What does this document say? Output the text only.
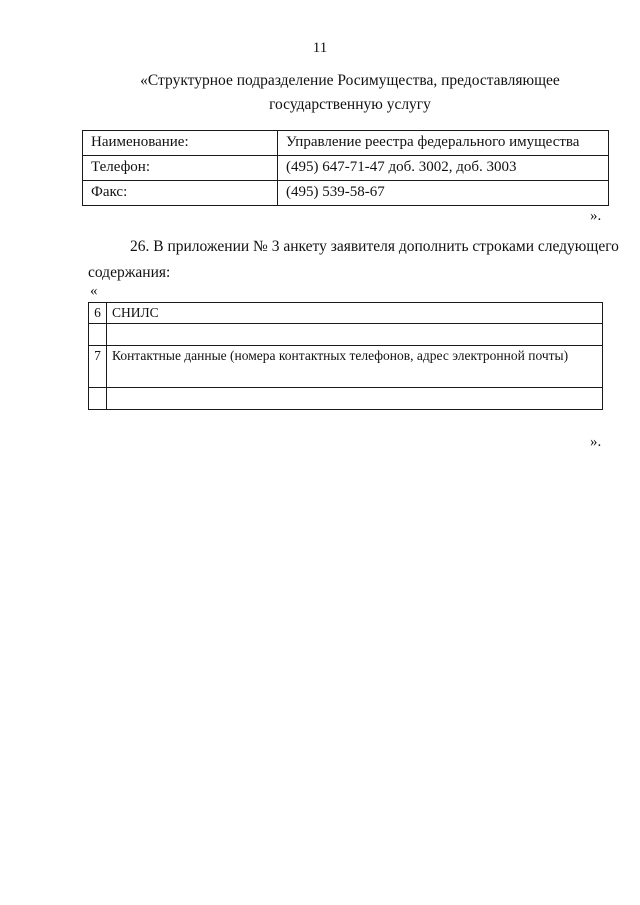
11
«Структурное подразделение Росимущества, предоставляющее
государственную услугу
Наименование:	Управление реестра федерального имущества
Телефон:	(495) 647-71-47 доб. 3002, доб. 3003
Факс:	(495) 539-58-67
».
26. В приложении № 3 анкету заявителя дополнить строками следующего
содержания:
«
6	СНИЛС

7	Контактные данные (номера контактных телефонов, адрес электронной почты)

».
